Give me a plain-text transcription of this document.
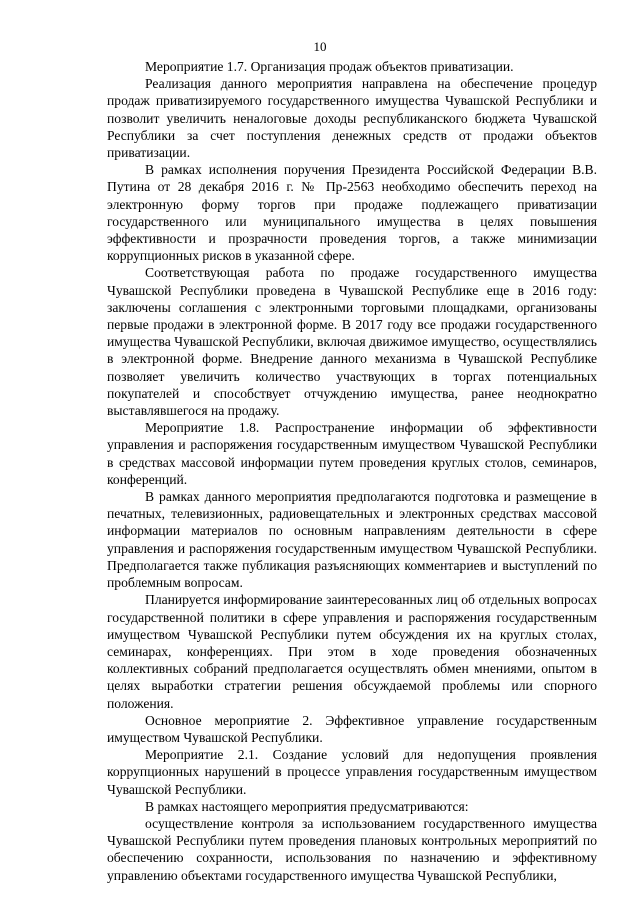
10

Мероприятие 1.7. Организация продаж объектов приватизации.

Реализация данного мероприятия направлена на обеспечение процедур продаж приватизируемого государственного имущества Чувашской Республики и позволит увеличить неналоговые доходы республиканского бюджета Чувашской Республики за счет поступления денежных средств от продажи объектов приватизации.

В рамках исполнения поручения Президента Российской Федерации В.В. Путина от 28 декабря 2016 г. № Пр-2563 необходимо обеспечить переход на электронную форму торгов при продаже подлежащего приватизации государственного или муниципального имущества в целях повышения эффективности и прозрачности проведения торгов, а также минимизации коррупционных рисков в указанной сфере.

Соответствующая работа по продаже государственного имущества Чувашской Республики проведена в Чувашской Республике еще в 2016 году: заключены соглашения с электронными торговыми площадками, организованы первые продажи в электронной форме. В 2017 году все продажи государственного имущества Чувашской Республики, включая движимое имущество, осуществлялись в электронной форме. Внедрение данного механизма в Чувашской Республике позволяет увеличить количество участвующих в торгах потенциальных покупателей и способствует отчуждению имущества, ранее неоднократно выставлявшегося на продажу.

Мероприятие 1.8. Распространение информации об эффективности управления и распоряжения государственным имуществом Чувашской Республики в средствах массовой информации путем проведения круглых столов, семинаров, конференций.

В рамках данного мероприятия предполагаются подготовка и размещение в печатных, телевизионных, радиовещательных и электронных средствах массовой информации материалов по основным направлениям деятельности в сфере управления и распоряжения государственным имуществом Чувашской Республики. Предполагается также публикация разъясняющих комментариев и выступлений по проблемным вопросам.

Планируется информирование заинтересованных лиц об отдельных вопросах государственной политики в сфере управления и распоряжения государственным имуществом Чувашской Республики путем обсуждения их на круглых столах, семинарах, конференциях. При этом в ходе проведения обозначенных коллективных собраний предполагается осуществлять обмен мнениями, опытом в целях выработки стратегии решения обсуждаемой проблемы или спорного положения.

Основное мероприятие 2. Эффективное управление государственным имуществом Чувашской Республики.

Мероприятие 2.1. Создание условий для недопущения проявления коррупционных нарушений в процессе управления государственным имуществом Чувашской Республики.

В рамках настоящего мероприятия предусматриваются:

осуществление контроля за использованием государственного имущества Чувашской Республики путем проведения плановых контрольных мероприятий по обеспечению сохранности, использования по назначению и эффективному управлению объектами государственного имущества Чувашской Республики,
